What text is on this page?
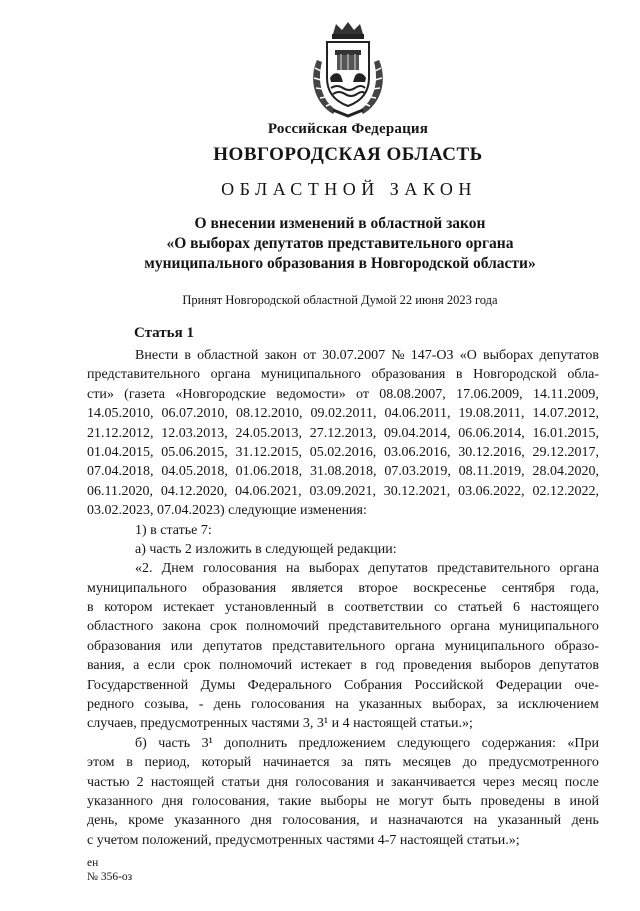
Российская Федерация
НОВГОРОДСКАЯ ОБЛАСТЬ
ОБЛАСТНОЙ ЗАКОН
О внесении изменений в областной закон
«О выборах депутатов представительного органа
муниципального образования в Новгородской области»
Принят Новгородской областной Думой 22 июня 2023 года
Статья 1
Внести в областной закон от 30.07.2007 № 147-ОЗ «О выборах депутатов
представительного органа муниципального образования в Новгородской обла-
сти» (газета «Новгородские ведомости» от 08.08.2007, 17.06.2009, 14.11.2009,
14.05.2010, 06.07.2010, 08.12.2010, 09.02.2011, 04.06.2011, 19.08.2011, 14.07.2012,
21.12.2012, 12.03.2013, 24.05.2013, 27.12.2013, 09.04.2014, 06.06.2014, 16.01.2015,
01.04.2015, 05.06.2015, 31.12.2015, 05.02.2016, 03.06.2016, 30.12.2016, 29.12.2017,
07.04.2018, 04.05.2018, 01.06.2018, 31.08.2018, 07.03.2019, 08.11.2019, 28.04.2020,
06.11.2020, 04.12.2020, 04.06.2021, 03.09.2021, 30.12.2021, 03.06.2022, 02.12.2022,
03.02.2023, 07.04.2023) следующие изменения:
1) в статье 7:
а) часть 2 изложить в следующей редакции:
«2. Днем голосования на выборах депутатов представительного органа
муниципального образования является второе воскресенье сентября года,
в котором истекает установленный в соответствии со статьей 6 настоящего
областного закона срок полномочий представительного органа муниципального
образования или депутатов представительного органа муниципального образо-
вания, а если срок полномочий истекает в год проведения выборов депутатов
Государственной Думы Федерального Собрания Российской Федерации оче-
редного созыва, - день голосования на указанных выборах, за исключением
случаев, предусмотренных частями 3, 3¹ и 4 настоящей статьи.»;
б) часть 3¹ дополнить предложением следующего содержания: «При
этом в период, который начинается за пять месяцев до предусмотренного
частью 2 настоящей статьи дня голосования и заканчивается через месяц после
указанного дня голосования, такие выборы не могут быть проведены в иной
день, кроме указанного дня голосования, и назначаются на указанный день
с учетом положений, предусмотренных частями 4-7 настоящей статьи.»;
ен
№ 356-оз
